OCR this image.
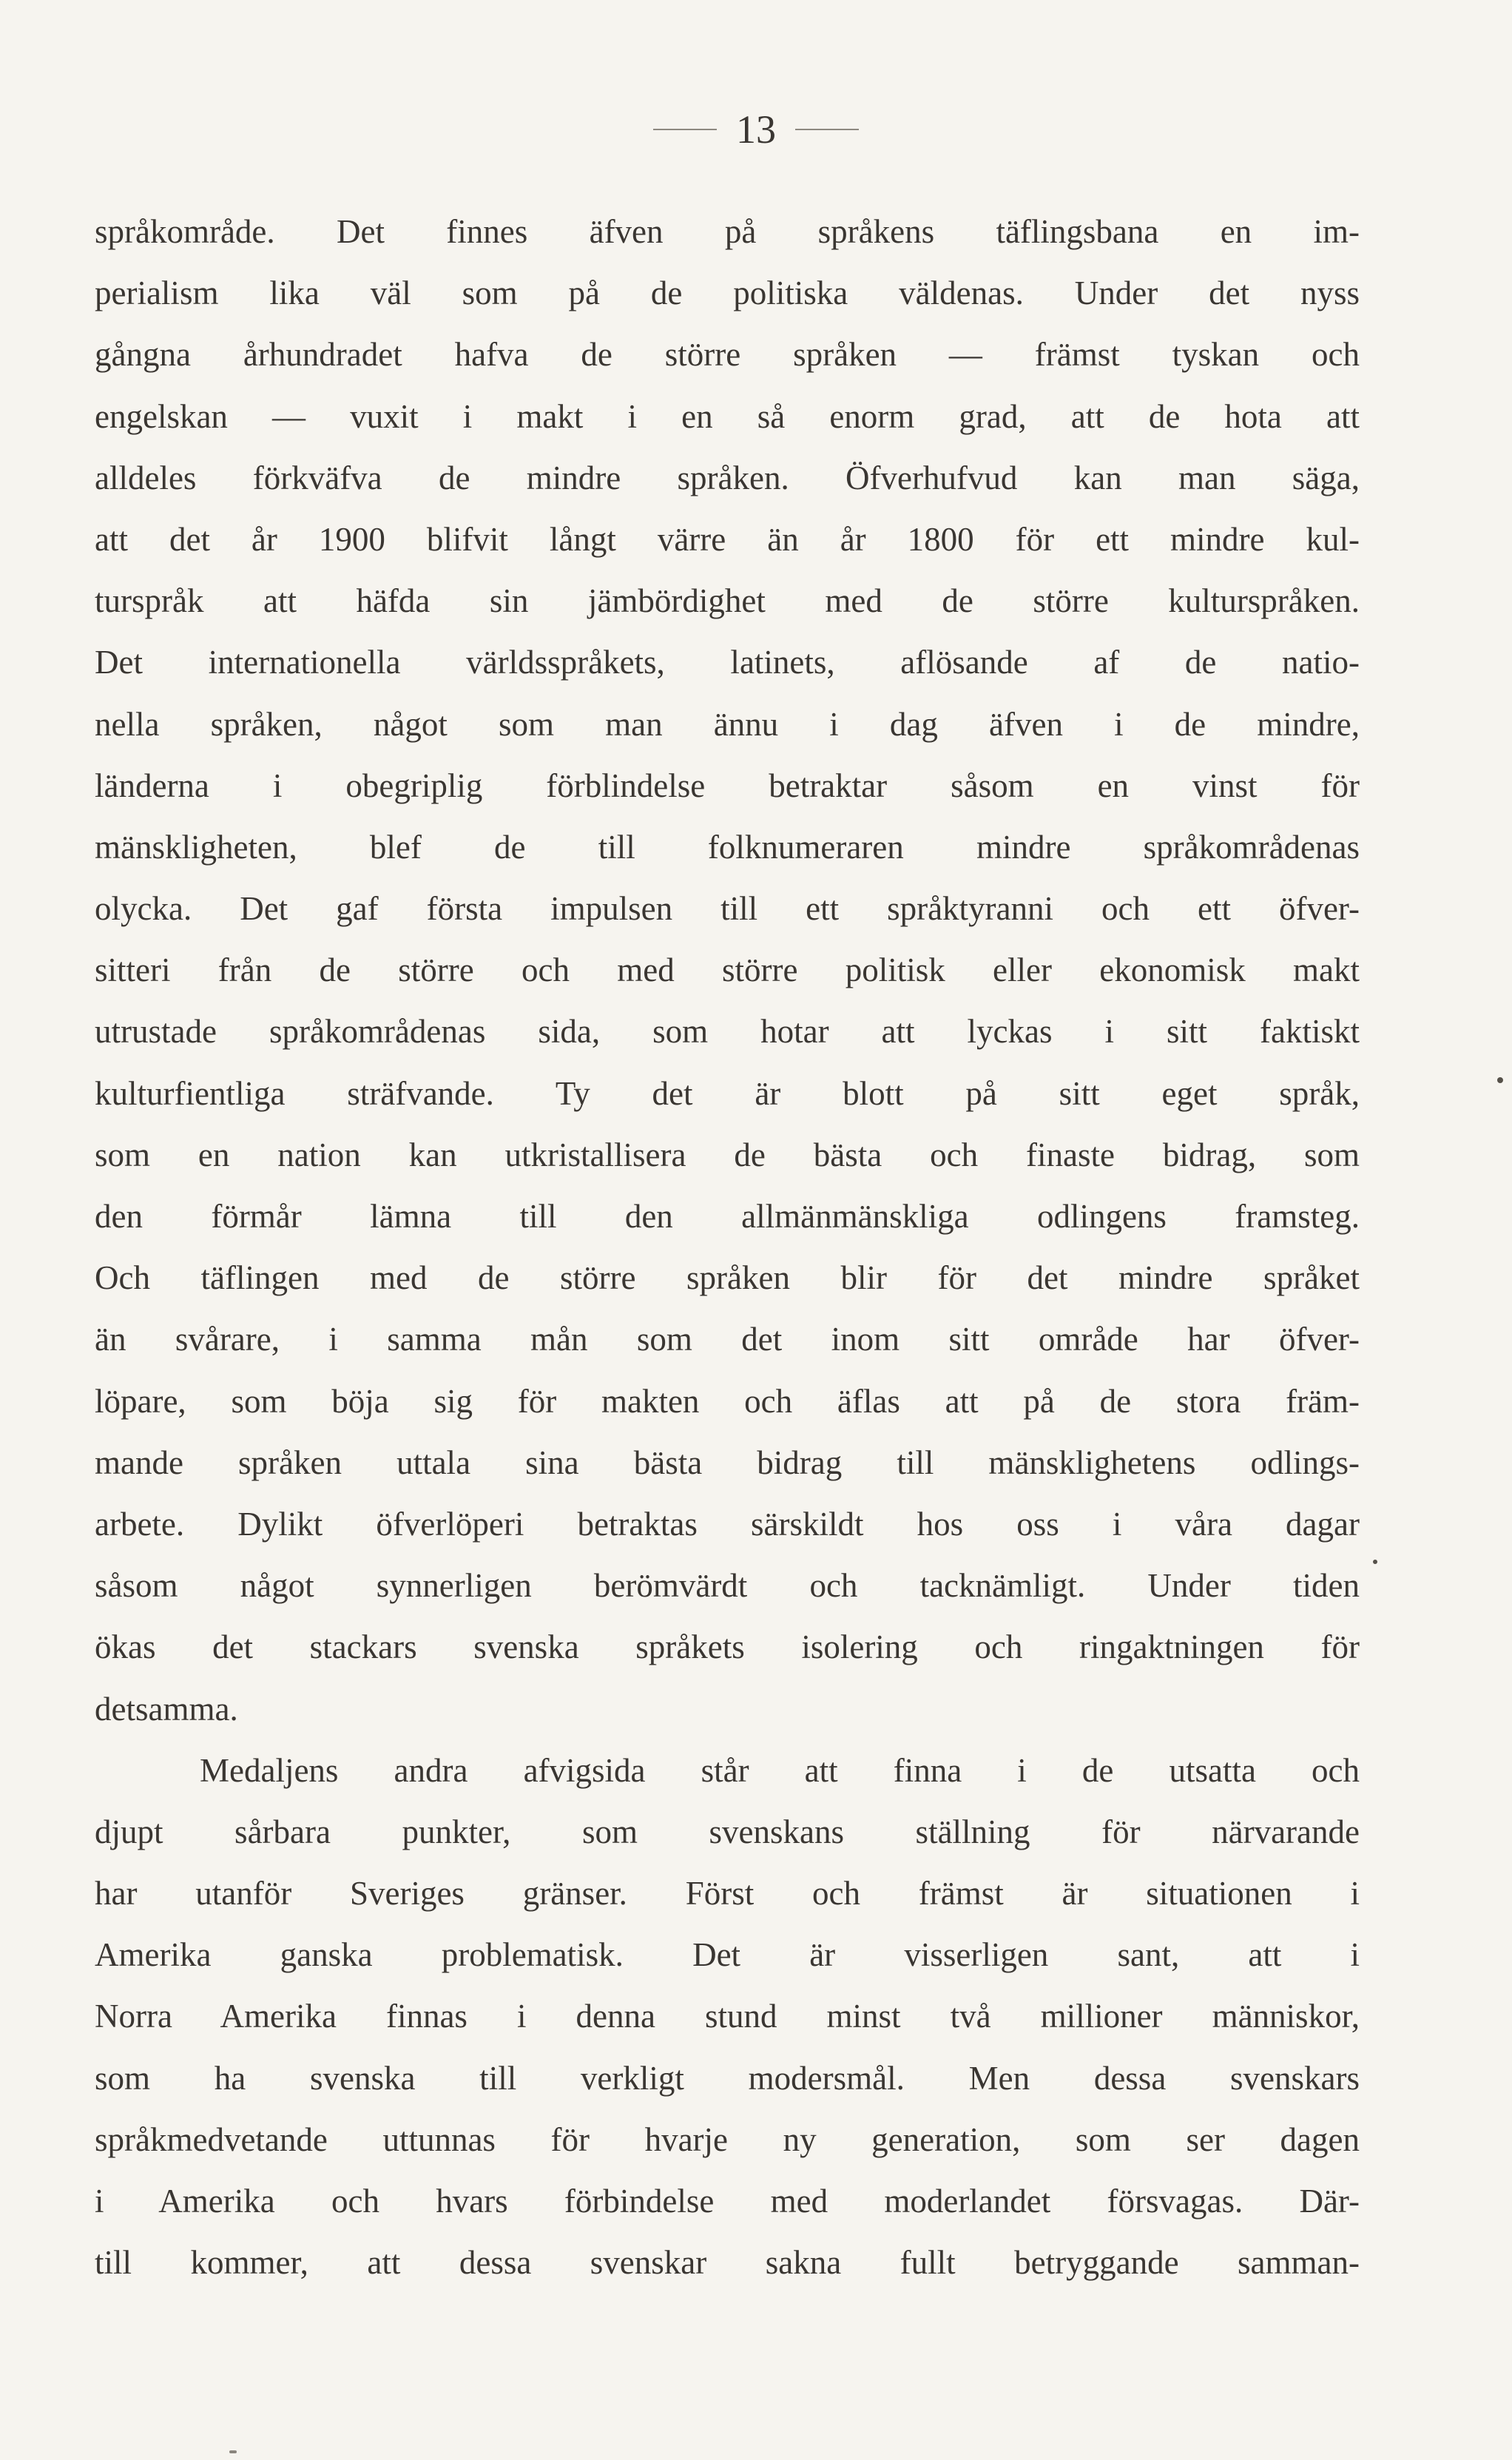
13
språkområde. Det finnes äfven på språkens täflingsbana en im-
perialism lika väl som på de politiska väldenas. Under det nyss
gångna århundradet hafva de större språken — främst tyskan och
engelskan — vuxit i makt i en så enorm grad, att de hota att
alldeles förkväfva de mindre språken. Öfverhufvud kan man säga,
att det år 1900 blifvit långt värre än år 1800 för ett mindre kul-
turspråk att häfda sin jämbördighet med de större kulturspråken.
Det internationella världsspråkets, latinets, aflösande af de natio-
nella språken, något som man ännu i dag äfven i de mindre,
länderna i obegriplig förblindelse betraktar såsom en vinst för
mänskligheten, blef de till folknumeraren mindre språkområdenas
olycka. Det gaf första impulsen till ett språktyranni och ett öfver-
sitteri från de större och med större politisk eller ekonomisk makt
utrustade språkområdenas sida, som hotar att lyckas i sitt faktiskt
kulturfientliga sträfvande. Ty det är blott på sitt eget språk,
som en nation kan utkristallisera de bästa och finaste bidrag, som
den förmår lämna till den allmänmänskliga odlingens framsteg.
Och täflingen med de större språken blir för det mindre språket
än svårare, i samma mån som det inom sitt område har öfver-
löpare, som böja sig för makten och äflas att på de stora främ-
mande språken uttala sina bästa bidrag till mänsklighetens odlings-
arbete. Dylikt öfverlöperi betraktas särskildt hos oss i våra dagar
såsom något synnerligen berömvärdt och tacknämligt. Under tiden
ökas det stackars svenska språkets isolering och ringaktningen för
detsamma.
Medaljens andra afvigsida står att finna i de utsatta och
djupt sårbara punkter, som svenskans ställning för närvarande
har utanför Sveriges gränser. Först och främst är situationen i
Amerika ganska problematisk. Det är visserligen sant, att i
Norra Amerika finnas i denna stund minst två millioner människor,
som ha svenska till verkligt modersmål. Men dessa svenskars
språkmedvetande uttunnas för hvarje ny generation, som ser dagen
i Amerika och hvars förbindelse med moderlandet försvagas. Där-
till kommer, att dessa svenskar sakna fullt betryggande samman-
